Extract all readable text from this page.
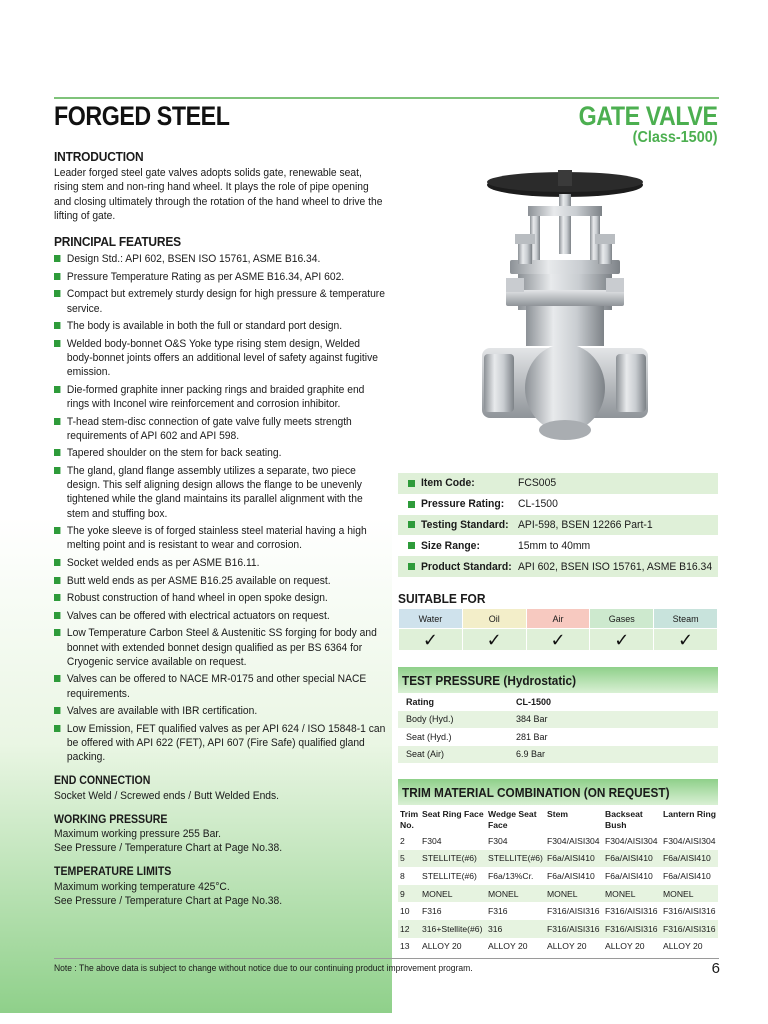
FORGED STEEL	GATE VALVE
(Class-1500)
INTRODUCTION

Leader forged steel gate valves adopts solids gate, renewable seat, rising stem and non-ring hand wheel. It plays the role of pipe opening and closing ultimately through the rotation of the hand wheel to drive the lifting of gate.

PRINCIPAL FEATURES
Design Std.: API 602, BSEN ISO 15761, ASME B16.34.
Pressure Temperature Rating as per ASME B16.34, API 602.
Compact but extremely sturdy design for high pressure & temperature service.
The body is available in both the full or standard port design.
Welded body-bonnet O&S Yoke type rising stem design, Welded body-bonnet joints offers an additional level of safety against fugitive emission.
Die-formed graphite inner packing rings and braided graphite end rings with Inconel wire reinforcement and corrosion inhibitor.
T-head stem-disc connection of gate valve fully meets strength requirements of API 602 and API 598.
Tapered shoulder on the stem for back seating.
The gland, gland flange assembly utilizes a separate, two piece design. This self aligning design allows the flange to be unevenly tightened while the gland maintains its parallel alignment with the stem and stuffing box.
The yoke sleeve is of forged stainless steel material having a high melting point and is resistant to wear and corrosion.
Socket welded ends as per ASME B16.11.
Butt weld ends as per ASME B16.25 available on request.
Robust construction of hand wheel in open spoke design.
Valves can be offered with electrical actuators on request.
Low Temperature Carbon Steel & Austenitic SS forging for body and bonnet with extended bonnet design qualified as per BS 6364 for Cryogenic service available on request.
Valves can be offered to NACE MR-0175 and other special NACE requirements.
Valves are available with IBR certification.
Low Emission, FET qualified valves as per API 624 / ISO 15848-1 can be offered with API 622 (FET), API 607 (Fire Safe) qualified gland packing.
END CONNECTION
Socket Weld / Screwed ends / Butt Welded Ends.
WORKING PRESSURE
Maximum working pressure 255 Bar.
See Pressure / Temperature Chart at Page No.38.
TEMPERATURE LIMITS
Maximum working temperature 425°C.
See Pressure / Temperature Chart at Page No.38.
Item Code:	FCS005
Pressure Rating:	CL-1500
Testing Standard: API-598, BSEN 12266 Part-1
Size Range:	15mm to 40mm
Product Standard: API 602, BSEN ISO 15761, ASME B16.34
SUITABLE FOR
Water	Oil	Air	Gases	Steam
✓	✓	✓	✓	✓
TEST PRESSURE (Hydrostatic)
Rating	CL-1500
Body (Hyd.)	384 Bar
Seat (Hyd.)	281 Bar
Seat (Air)	6.9 Bar
TRIM MATERIAL COMBINATION (ON REQUEST)
Trim No.	Seat Ring Face	Wedge Seat Face	Stem	Backseat Bush	Lantern Ring
2	F304	F304	F304/AISI304	F304/AISI304	F304/AISI304
5	STELLITE(#6)	STELLITE(#6)	F6a/AISI410	F6a/AISI410	F6a/AISI410
8	STELLITE(#6)	F6a/13%Cr.	F6a/AISI410	F6a/AISI410	F6a/AISI410
9	MONEL	MONEL	MONEL	MONEL	MONEL
10	F316	F316	F316/AISI316	F316/AISI316	F316/AISI316
12	316+Stellite(#6)	316	F316/AISI316	F316/AISI316	F316/AISI316
13	ALLOY 20	ALLOY 20	ALLOY 20	ALLOY 20	ALLOY 20
Note : The above data is subject to change without notice due to our continuing product improvement program.	6
